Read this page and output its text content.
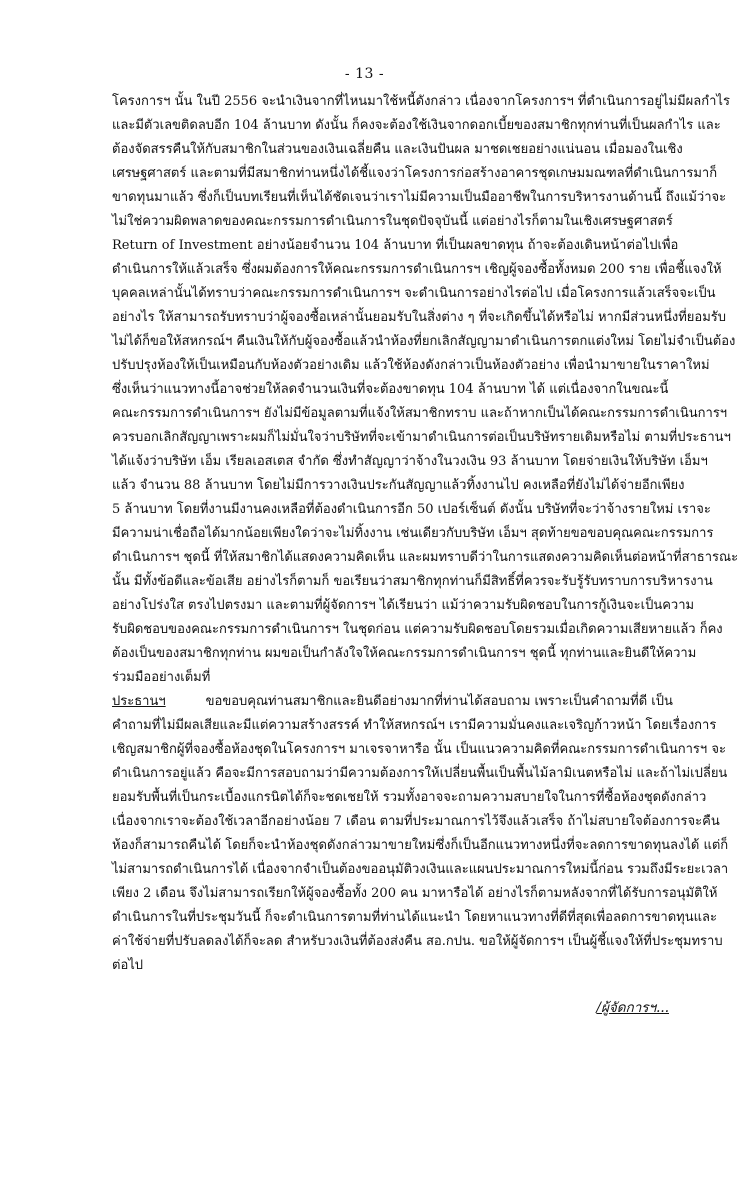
- 13 -
โครงการฯ นั้น ในปี 2556 จะนำเงินจากที่ไหนมาใช้หนี้ดังกล่าว เนื่องจากโครงการฯ ที่ดำเนินการอยู่ไม่มีผลกำไร
และมีตัวเลขติดลบอีก 104 ล้านบาท ดังนั้น ก็คงจะต้องใช้เงินจากดอกเบี้ยของสมาชิกทุกท่านที่เป็นผลกำไร และ
ต้องจัดสรรคืนให้กับสมาชิกในส่วนของเงินเฉลี่ยคืน และเงินปันผล มาชดเชยอย่างแน่นอน เมื่อมองในเชิง
เศรษฐศาสตร์ และตามที่มีสมาชิกท่านหนึ่งได้ชี้แจงว่าโครงการก่อสร้างอาคารชุดเกษมมณฑลที่ดำเนินการมาก็
ขาดทุนมาแล้ว ซึ่งก็เป็นบทเรียนที่เห็นได้ชัดเจนว่าเราไม่มีความเป็นมืออาชีพในการบริหารงานด้านนี้ ถึงแม้ว่าจะ
ไม่ใช่ความผิดพลาดของคณะกรรมการดำเนินการในชุดปัจจุบันนี้ แต่อย่างไรก็ตามในเชิงเศรษฐศาสตร์
Return of Investment อย่างน้อยจำนวน 104 ล้านบาท ที่เป็นผลขาดทุน ถ้าจะต้องเดินหน้าต่อไปเพื่อ
ดำเนินการให้แล้วเสร็จ ซึ่งผมต้องการให้คณะกรรมการดำเนินการฯ เชิญผู้จองซื้อทั้งหมด 200 ราย เพื่อชี้แจงให้
บุคคลเหล่านั้นได้ทราบว่าคณะกรรมการดำเนินการฯ จะดำเนินการอย่างไรต่อไป เมื่อโครงการแล้วเสร็จจะเป็น
อย่างไร ให้สามารถรับทราบว่าผู้จองซื้อเหล่านั้นยอมรับในสิ่งต่าง ๆ ที่จะเกิดขึ้นได้หรือไม่ หากมีส่วนหนึ่งที่ยอมรับ
ไม่ได้ก็ขอให้สหกรณ์ฯ คืนเงินให้กับผู้จองซื้อแล้วนำห้องที่ยกเลิกสัญญามาดำเนินการตกแต่งใหม่ โดยไม่จำเป็นต้อง
ปรับปรุงห้องให้เป็นเหมือนกับห้องตัวอย่างเดิม แล้วใช้ห้องดังกล่าวเป็นห้องตัวอย่าง เพื่อนำมาขายในราคาใหม่
ซึ่งเห็นว่าแนวทางนี้อาจช่วยให้ลดจำนวนเงินที่จะต้องขาดทุน 104 ล้านบาท ได้ แต่เนื่องจากในขณะนี้
คณะกรรมการดำเนินการฯ ยังไม่มีข้อมูลตามที่แจ้งให้สมาชิกทราบ และถ้าหากเป็นได้คณะกรรมการดำเนินการฯ
ควรบอกเลิกสัญญาเพราะผมก็ไม่มั่นใจว่าบริษัทที่จะเข้ามาดำเนินการต่อเป็นบริษัทรายเดิมหรือไม่ ตามที่ประธานฯ
ได้แจ้งว่าบริษัท เอ็ม เรียลเอสเตส จำกัด ซึ่งทำสัญญาว่าจ้างในวงเงิน 93 ล้านบาท โดยจ่ายเงินให้บริษัท เอ็มฯ
แล้ว จำนวน 88 ล้านบาท โดยไม่มีการวางเงินประกันสัญญาแล้วทิ้งงานไป คงเหลือที่ยังไม่ได้จ่ายอีกเพียง
5 ล้านบาท โดยที่งานมีงานคงเหลือที่ต้องดำเนินการอีก 50 เปอร์เซ็นต์ ดังนั้น บริษัทที่จะว่าจ้างรายใหม่ เราจะ
มีความน่าเชื่อถือได้มากน้อยเพียงใดว่าจะไม่ทิ้งงาน เช่นเดียวกับบริษัท เอ็มฯ สุดท้ายขอขอบคุณคณะกรรมการ
ดำเนินการฯ ชุดนี้ ที่ให้สมาชิกได้แสดงความคิดเห็น และผมทราบดีว่าในการแสดงความคิดเห็นต่อหน้าที่สาธารณะ
นั้น มีทั้งข้อดีและข้อเสีย อย่างไรก็ตามก็ ขอเรียนว่าสมาชิกทุกท่านก็มีสิทธิ์ที่ควรจะรับรู้รับทราบการบริหารงาน
อย่างโปร่งใส ตรงไปตรงมา และตามที่ผู้จัดการฯ ได้เรียนว่า แม้ว่าความรับผิดชอบในการกู้เงินจะเป็นความ
รับผิดชอบของคณะกรรมการดำเนินการฯ ในชุดก่อน แต่ความรับผิดชอบโดยรวมเมื่อเกิดความเสียหายแล้ว ก็คง
ต้องเป็นของสมาชิกทุกท่าน ผมขอเป็นกำลังใจให้คณะกรรมการดำเนินการฯ ชุดนี้ ทุกท่านและยินดีให้ความ
ร่วมมืออย่างเต็มที่
ประธานฯ	ขอขอบคุณท่านสมาชิกและยินดีอย่างมากที่ท่านได้สอบถาม เพราะเป็นคำถามที่ดี เป็น
คำถามที่ไม่มีผลเสียและมีแต่ความสร้างสรรค์ ทำให้สหกรณ์ฯ เรามีความมั่นคงและเจริญก้าวหน้า โดยเรื่องการ
เชิญสมาชิกผู้ที่จองซื้อห้องชุดในโครงการฯ มาเจรจาหารือ นั้น เป็นแนวความคิดที่คณะกรรมการดำเนินการฯ จะ
ดำเนินการอยู่แล้ว คือจะมีการสอบถามว่ามีความต้องการให้เปลี่ยนพื้นเป็นพื้นไม้ลามิเนตหรือไม่ และถ้าไม่เปลี่ยน
ยอมรับพื้นที่เป็นกระเบื้องแกรนิตได้ก็จะชดเชยให้ รวมทั้งอาจจะถามความสบายใจในการที่ซื้อห้องชุดดังกล่าว
เนื่องจากเราจะต้องใช้เวลาอีกอย่างน้อย 7 เดือน ตามที่ประมาณการไว้จึงแล้วเสร็จ ถ้าไม่สบายใจต้องการจะคืน
ห้องก็สามารถคืนได้ โดยก็จะนำห้องชุดดังกล่าวมาขายใหม่ซึ่งก็เป็นอีกแนวทางหนึ่งที่จะลดการขาดทุนลงได้ แต่ก็
ไม่สามารถดำเนินการได้ เนื่องจากจำเป็นต้องขออนุมัติวงเงินและแผนประมาณการใหม่นี้ก่อน รวมถึงมีระยะเวลา
เพียง 2 เดือน จึงไม่สามารถเรียกให้ผู้จองซื้อทั้ง 200 คน มาหารือได้ อย่างไรก็ตามหลังจากที่ได้รับการอนุมัติให้
ดำเนินการในที่ประชุมวันนี้ ก็จะดำเนินการตามที่ท่านได้แนะนำ โดยหาแนวทางที่ดีที่สุดเพื่อลดการขาดทุนและ
ค่าใช้จ่ายที่ปรับลดลงได้ก็จะลด สำหรับวงเงินที่ต้องส่งคืน สอ.กปน. ขอให้ผู้จัดการฯ เป็นผู้ชี้แจงให้ที่ประชุมทราบ
ต่อไป
/ผู้จัดการฯ...
